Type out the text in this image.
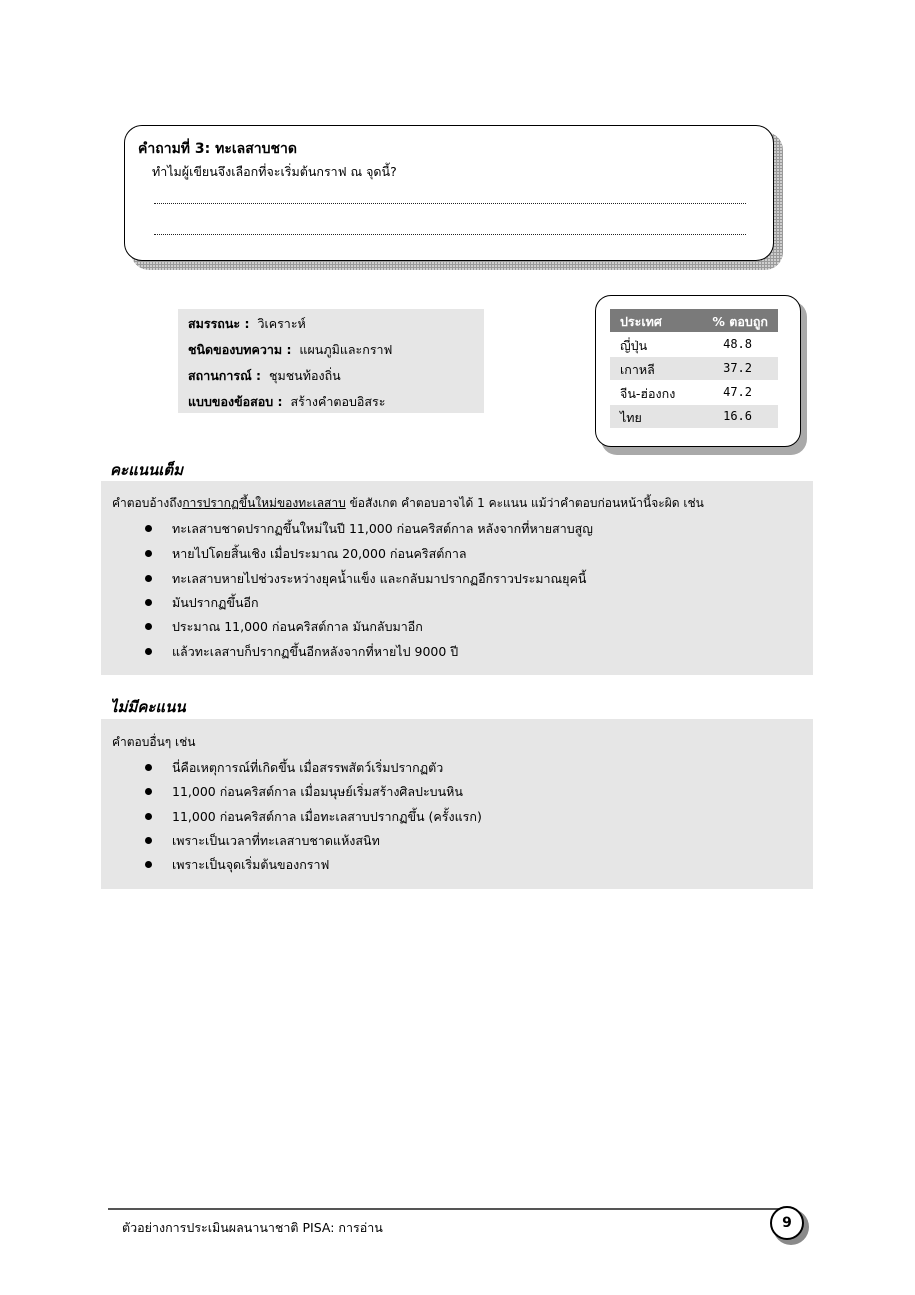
คำถามที่ 3: ทะเลสาบชาด
ทำไมผู้เขียนจึงเลือกที่จะเริ่มต้นกราฟ ณ จุดนี้?
สมรรถนะ : วิเคราะห์
ชนิดของบทความ : แผนภูมิและกราฟ
สถานการณ์ : ชุมชนท้องถิ่น
แบบของข้อสอบ : สร้างคำตอบอิสระ
ประเทศ	% ตอบถูก
ญี่ปุ่น	48.8
เกาหลี	37.2
จีน-ฮ่องกง	47.2
ไทย	16.6
คะแนนเต็ม
คำตอบอ้างถึงการปรากฏขึ้นใหม่ของทะเลสาบ ข้อสังเกต คำตอบอาจได้ 1 คะแนน แม้ว่าคำตอบก่อนหน้านี้จะผิด เช่น
ทะเลสาบชาดปรากฏขึ้นใหม่ในปี 11,000 ก่อนคริสต์กาล หลังจากที่หายสาบสูญ
หายไปโดยสิ้นเชิง เมื่อประมาณ 20,000 ก่อนคริสต์กาล
ทะเลสาบหายไปช่วงระหว่างยุคน้ำแข็ง และกลับมาปรากฏอีกราวประมาณยุคนี้
มันปรากฏขึ้นอีก
ประมาณ 11,000 ก่อนคริสต์กาล มันกลับมาอีก
แล้วทะเลสาบก็ปรากฏขึ้นอีกหลังจากที่หายไป 9000 ปี
ไม่มีคะแนน
คำตอบอื่นๆ เช่น
นี่คือเหตุการณ์ที่เกิดขึ้น เมื่อสรรพสัตว์เริ่มปรากฏตัว
11,000 ก่อนคริสต์กาล เมื่อมนุษย์เริ่มสร้างศิลปะบนหิน
11,000 ก่อนคริสต์กาล เมื่อทะเลสาบปรากฏขึ้น (ครั้งแรก)
เพราะเป็นเวลาที่ทะเลสาบชาดแห้งสนิท
เพราะเป็นจุดเริ่มต้นของกราฟ
ตัวอย่างการประเมินผลนานาชาติ PISA: การอ่าน	9
